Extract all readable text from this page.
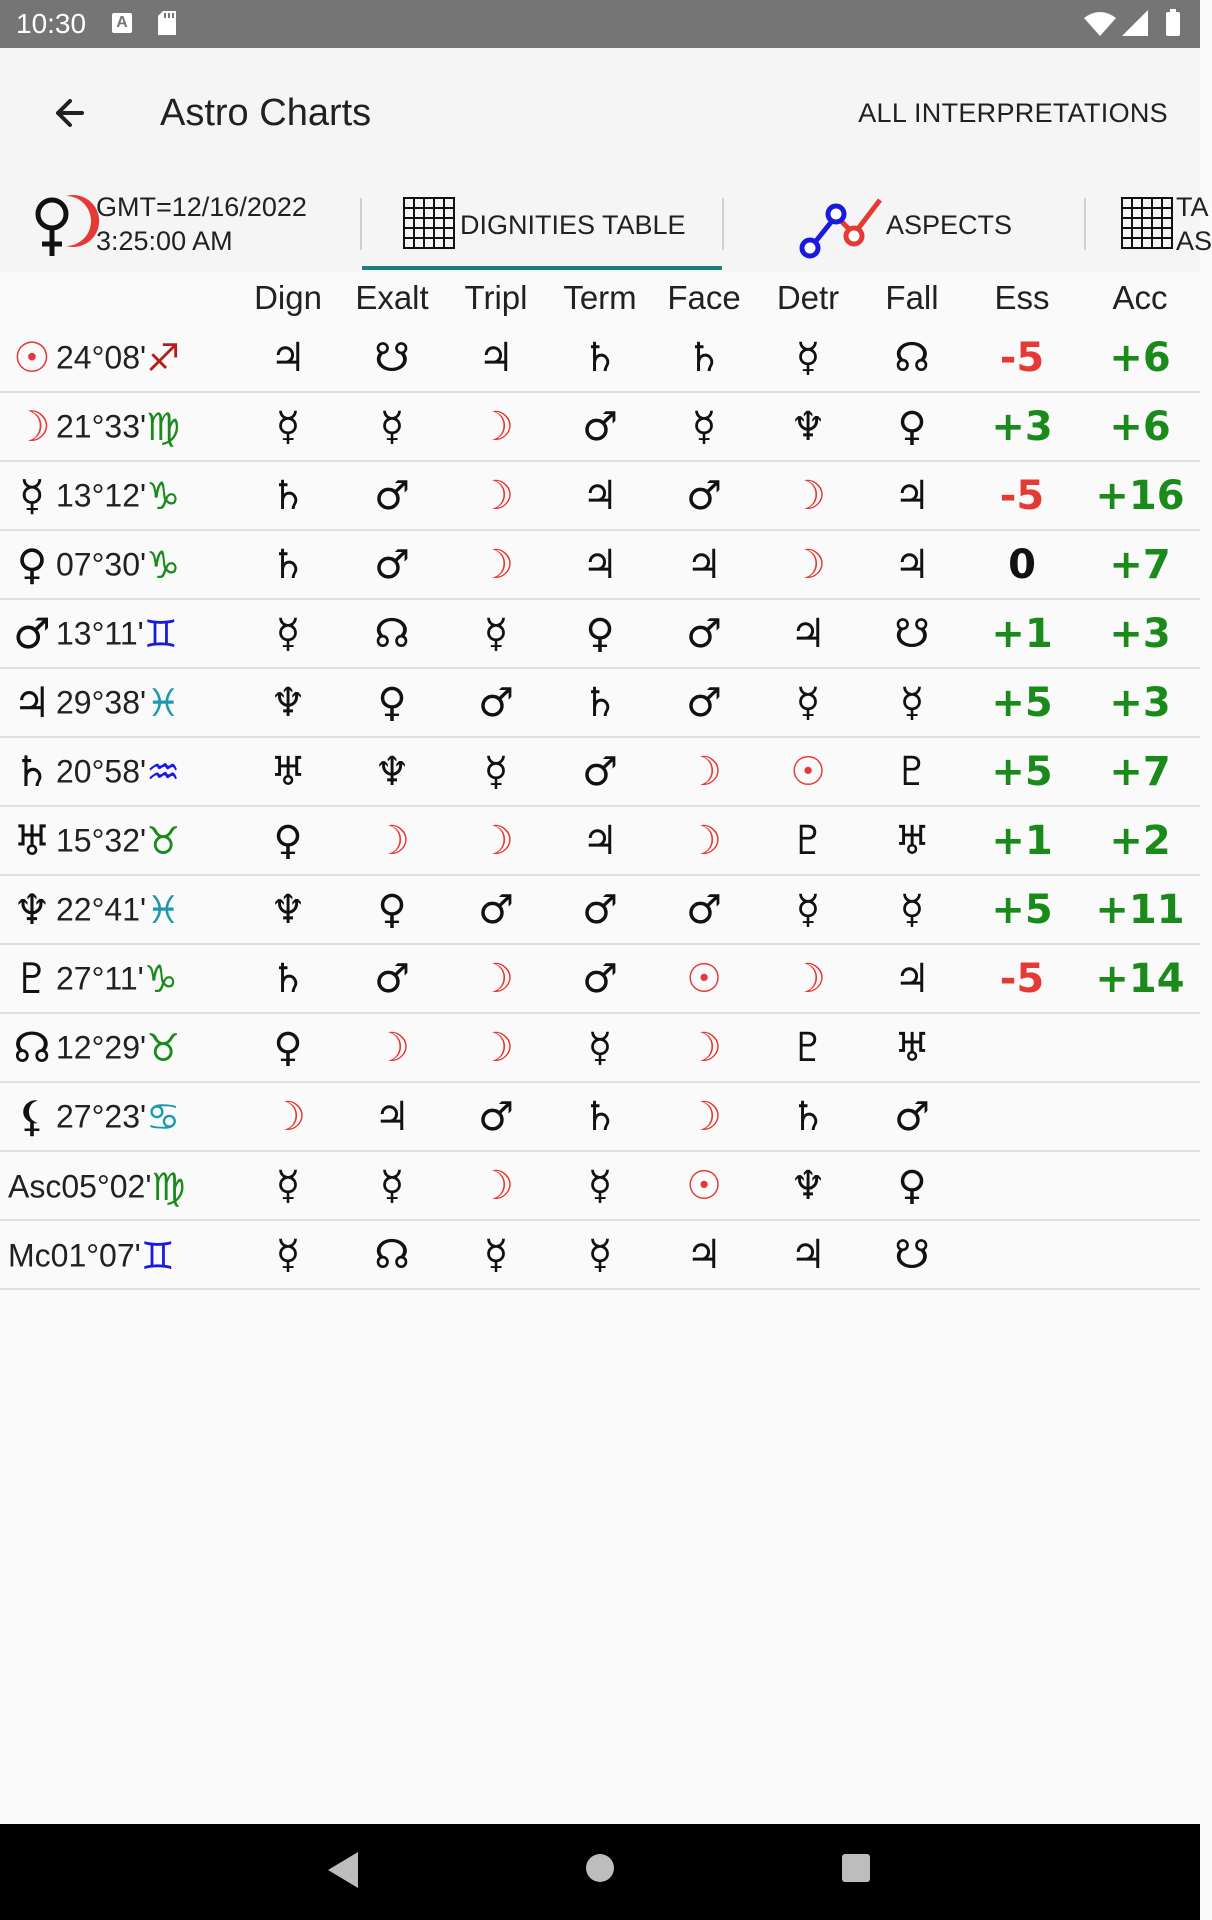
10:30 A
Astro Charts	ALL INTERPRETATIONS
GMT=12/16/2022
3:25:00 AM
DIGNITIES TABLE	ASPECTS
TA
AS
	Dign	Exalt	Tripl	Term	Face	Detr	Fall	Ess	Acc
☉ 24°08'♐	♃	☋	♃	♄	♄	☿	☊	-5	+6
☽ 21°33'♍	☿	☿	☽	♂	☿	♆	♀	+3	+6
☿ 13°12'♑	♄	♂	☽	♃	♂	☽	♃	-5	+16
♀ 07°30'♑	♄	♂	☽	♃	♃	☽	♃	0	+7
♂ 13°11'♊	☿	☊	☿	♀	♂	♃	☋	+1	+3
♃ 29°38'♓	♆	♀	♂	♄	♂	☿	☿	+5	+3
♄ 20°58'♒	♅	♆	☿	♂	☽	☉	♇	+5	+7
♅ 15°32'♉	♀	☽	☽	♃	☽	♇	♅	+1	+2
♆ 22°41'♓	♆	♀	♂	♂	♂	☿	☿	+5	+11
♇ 27°11'♑	♄	♂	☽	♂	☉	☽	♃	-5	+14
☊ 12°29'♉	♀	☽	☽	☿	☽	♇	♅		
⚸ 27°23'♋	☽	♃	♂	♄	☽	♄	♂		
Asc05°02'♍	☿	☿	☽	☿	☉	♆	♀		
Mc01°07'♊	☿	☊	☿	☿	♃	♃	☋		
